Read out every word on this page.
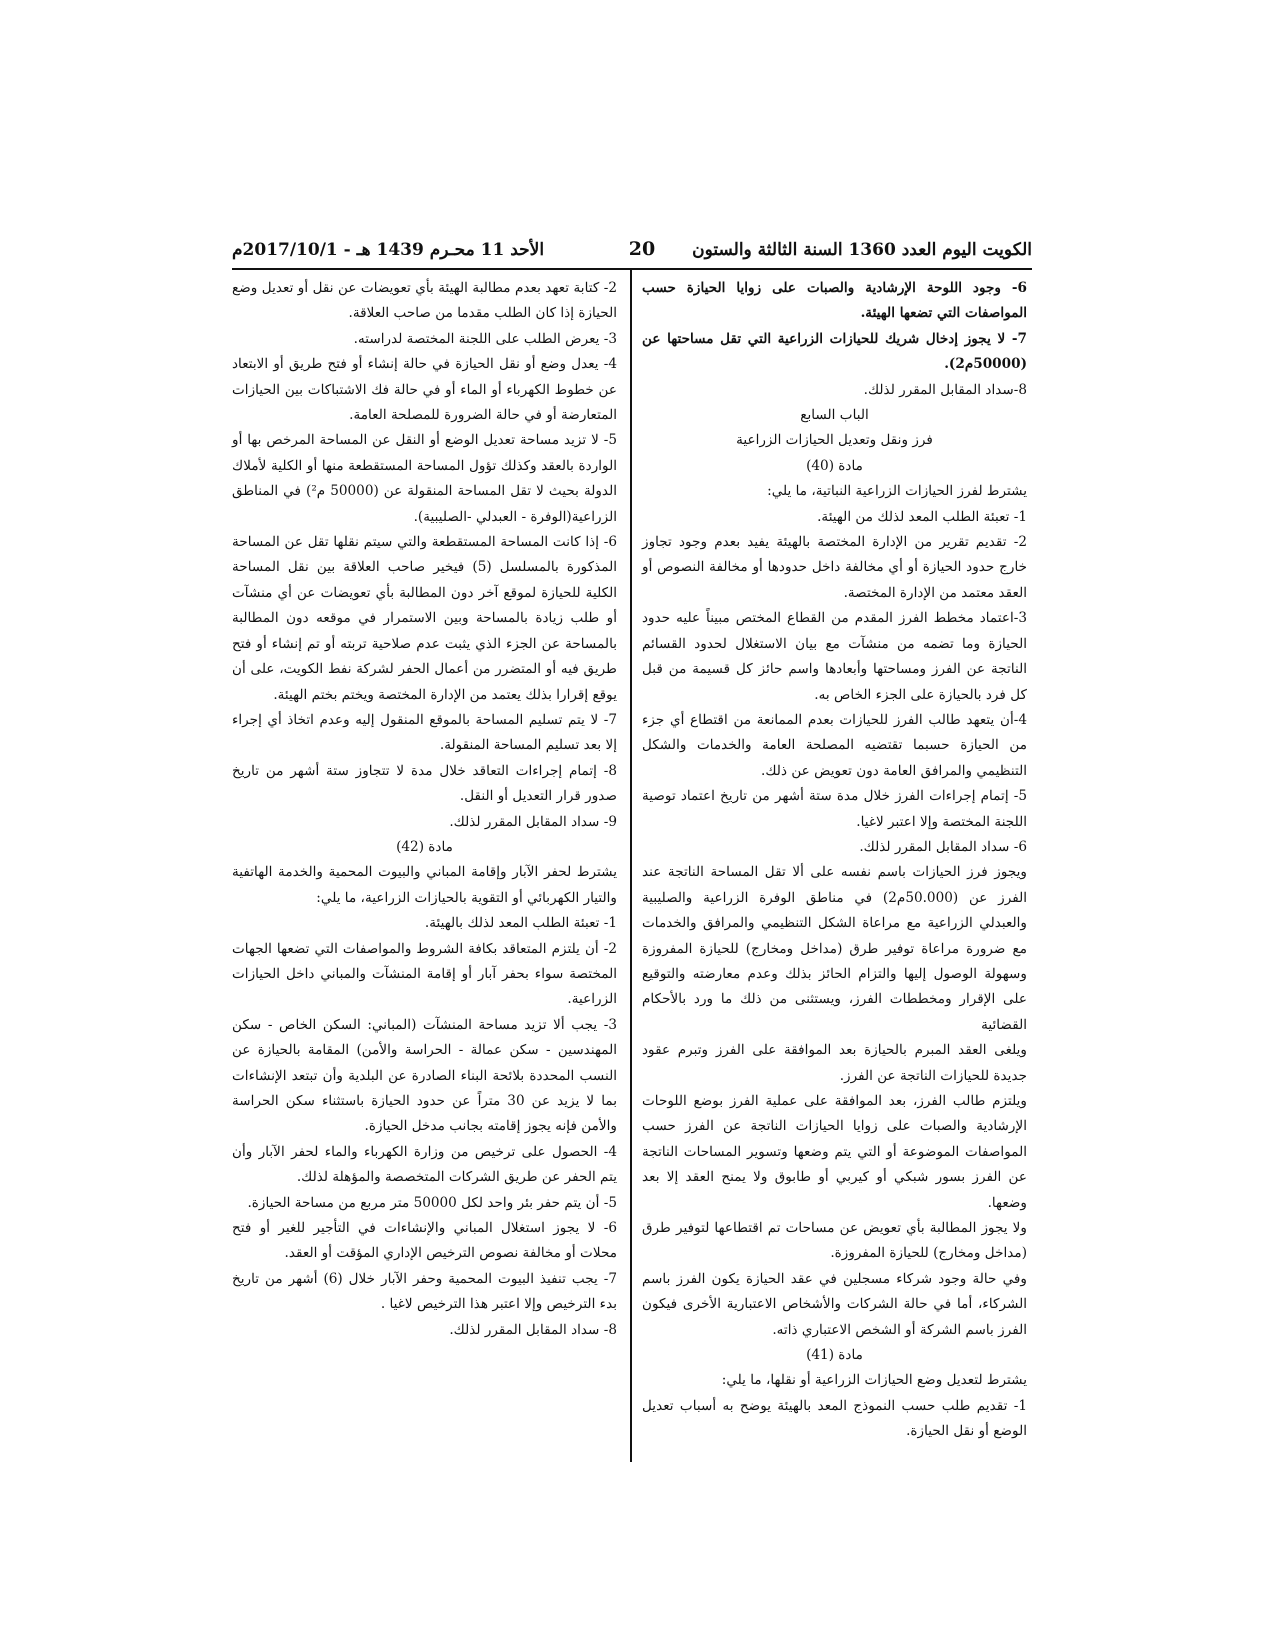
الكويت اليوم العدد 1360 السنة الثالثة والستون
20
الأحد 11 محـرم 1439 هـ - 2017/10/1م

6- وجود اللوحة الإرشادية والصبات على زوايا الحيازة حسب المواصفات التي تضعها الهيئة.

7- لا يجوز إدخال شريك للحيازات الزراعية التي تقل مساحتها عن (50000م2).

8-سداد المقابل المقرر لذلك.

الباب السابع

فرز ونقل وتعديل الحيازات الزراعية

مادة (40)

يشترط لفرز الحيازات الزراعية النباتية، ما يلي:

1- تعبئة الطلب المعد لذلك من الهيئة.

2- تقديم تقرير من الإدارة المختصة بالهيئة يفيد بعدم وجود تجاوز خارج حدود الحيازة أو أي مخالفة داخل حدودها أو مخالفة النصوص أو العقد معتمد من الإدارة المختصة.

3-اعتماد مخطط الفرز المقدم من القطاع المختص مبيناً عليه حدود الحيازة وما تضمه من منشآت مع بيان الاستغلال لحدود القسائم الناتجة عن الفرز ومساحتها وأبعادها واسم حائز كل قسيمة من قبل كل فرد بالحيازة على الجزء الخاص به.

4-أن يتعهد طالب الفرز للحيازات بعدم الممانعة من اقتطاع أي جزء من الحيازة حسبما تقتضيه المصلحة العامة والخدمات والشكل التنظيمي والمرافق العامة دون تعويض عن ذلك.

5- إتمام إجراءات الفرز خلال مدة ستة أشهر من تاريخ اعتماد توصية اللجنة المختصة وإلا اعتبر لاغيا.

6- سداد المقابل المقرر لذلك.

ويجوز فرز الحيازات باسم نفسه على ألا تقل المساحة الناتجة عند الفرز عن (50.000م2) في مناطق الوفرة الزراعية والصليبية والعبدلي الزراعية مع مراعاة الشكل التنظيمي والمرافق والخدمات مع ضرورة مراعاة توفير طرق (مداخل ومخارج) للحيازة المفروزة وسهولة الوصول إليها والتزام الحائز بذلك وعدم معارضته والتوقيع على الإقرار ومخططات الفرز، ويستثنى من ذلك ما ورد بالأحكام القضائية

ويلغى العقد المبرم بالحيازة بعد الموافقة على الفرز وتبرم عقود جديدة للحيازات الناتجة عن الفرز.

ويلتزم طالب الفرز، بعد الموافقة على عملية الفرز بوضع اللوحات الإرشادية والصبات على زوايا الحيازات الناتجة عن الفرز حسب المواصفات الموضوعة أو التي يتم وضعها وتسوير المساحات الناتجة عن الفرز بسور شبكي أو كيربي أو طابوق ولا يمنح العقد إلا بعد وضعها.

ولا يجوز المطالبة بأي تعويض عن مساحات تم اقتطاعها لتوفير طرق (مداخل ومخارج) للحيازة المفروزة.

وفي حالة وجود شركاء مسجلين في عقد الحيازة يكون الفرز باسم الشركاء، أما في حالة الشركات والأشخاص الاعتبارية الأخرى فيكون الفرز باسم الشركة أو الشخص الاعتباري ذاته.

مادة (41)

يشترط لتعديل وضع الحيازات الزراعية أو نقلها، ما يلي:

1- تقديم طلب حسب النموذج المعد بالهيئة يوضح به أسباب تعديل الوضع أو نقل الحيازة.

2- كتابة تعهد بعدم مطالبة الهيئة بأي تعويضات عن نقل أو تعديل وضع الحيازة إذا كان الطلب مقدما من صاحب العلاقة.

3- يعرض الطلب على اللجنة المختصة لدراسته.

4- يعدل وضع أو نقل الحيازة في حالة إنشاء أو فتح طريق أو الابتعاد عن خطوط الكهرباء أو الماء أو في حالة فك الاشتباكات بين الحيازات المتعارضة أو في حالة الضرورة للمصلحة العامة.

5- لا تزيد مساحة تعديل الوضع أو النقل عن المساحة المرخص بها أو الواردة بالعقد وكذلك تؤول المساحة المستقطعة منها أو الكلية لأملاك الدولة بحيث لا تقل المساحة المنقولة عن (50000 م²) في المناطق الزراعية(الوفرة - العبدلي -الصليبية).

6- إذا كانت المساحة المستقطعة والتي سيتم نقلها تقل عن المساحة المذكورة بالمسلسل (5) فيخير صاحب العلاقة بين نقل المساحة الكلية للحيازة لموقع آخر دون المطالبة بأي تعويضات عن أي منشآت أو طلب زيادة بالمساحة وبين الاستمرار في موقعه دون المطالبة بالمساحة عن الجزء الذي يثبت عدم صلاحية تربته أو تم إنشاء أو فتح طريق فيه أو المتضرر من أعمال الحفر لشركة نفط الكويت، على أن يوقع إقرارا بذلك يعتمد من الإدارة المختصة ويختم بختم الهيئة.

7- لا يتم تسليم المساحة بالموقع المنقول إليه وعدم اتخاذ أي إجراء إلا بعد تسليم المساحة المنقولة.

8- إتمام إجراءات التعاقد خلال مدة لا تتجاوز ستة أشهر من تاريخ صدور قرار التعديل أو النقل.

9- سداد المقابل المقرر لذلك.

مادة (42)

يشترط لحفر الآبار وإقامة المباني والبيوت المحمية والخدمة الهاتفية والتيار الكهربائي أو التقوية بالحيازات الزراعية، ما يلي:

1- تعبئة الطلب المعد لذلك بالهيئة.

2- أن يلتزم المتعاقد بكافة الشروط والمواصفات التي تضعها الجهات المختصة سواء بحفر آبار أو إقامة المنشآت والمباني داخل الحيازات الزراعية.

3- يجب ألا تزيد مساحة المنشآت (المباني: السكن الخاص - سكن المهندسين - سكن عمالة - الحراسة والأمن) المقامة بالحيازة عن النسب المحددة بلائحة البناء الصادرة عن البلدية وأن تبتعد الإنشاءات بما لا يزيد عن 30 متراً عن حدود الحيازة باستثناء سكن الحراسة والأمن فإنه يجوز إقامته بجانب مدخل الحيازة.

4- الحصول على ترخيص من وزارة الكهرباء والماء لحفر الآبار وأن يتم الحفر عن طريق الشركات المتخصصة والمؤهلة لذلك.

5- أن يتم حفر بئر واحد لكل 50000 متر مربع من مساحة الحيازة.

6- لا يجوز استغلال المباني والإنشاءات في التأجير للغير أو فتح محلات أو مخالفة نصوص الترخيص الإداري المؤقت أو العقد.

7- يجب تنفيذ البيوت المحمية وحفر الآبار خلال (6) أشهر من تاريخ بدء الترخيص وإلا اعتبر هذا الترخيص لاغيا .

8- سداد المقابل المقرر لذلك.
